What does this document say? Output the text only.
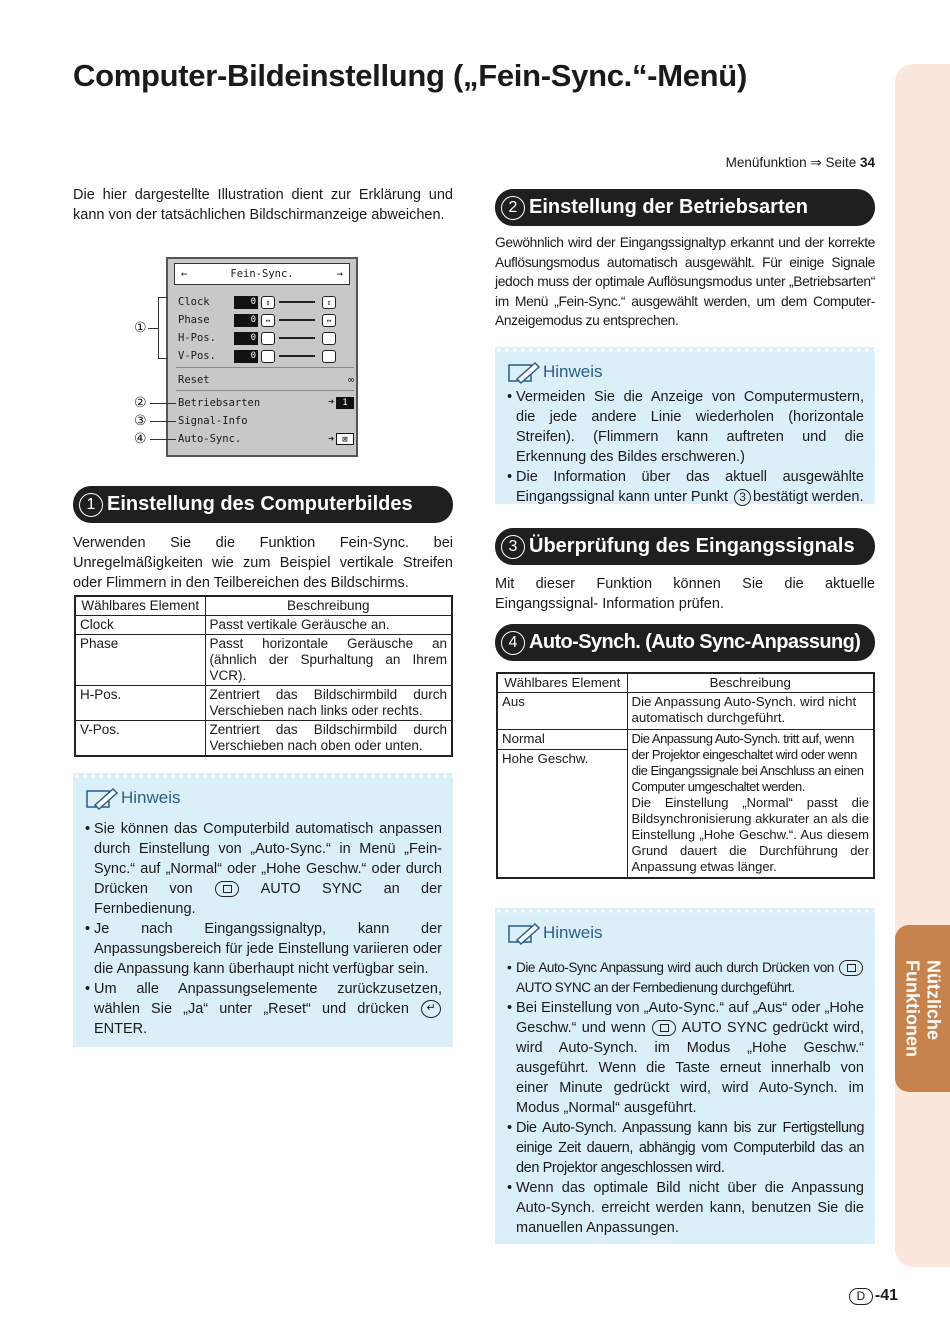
Nützliche
Funktionen
Computer-Bildeinstellung („Fein-Sync.“-Menü)
Menüfunktion ⇒ Seite 34

Die hier dargestellte Illustration dient zur Erklärung und kann von der tatsächlichen Bildschirmanzeige abweichen.

←	Fein-Sync.	→
Clock	0	↕	↕
Phase	0	↔	↔
H-Pos.	0
V-Pos.	0
Reset	∞
Betriebsarten	➜ 1
Signal-Info
Auto-Sync.	➜ ⊠
①
②
③
④
1 Einstellung des Computerbildes

Verwenden Sie die Funktion Fein-Sync. bei Unregelmäßigkeiten wie zum Beispiel vertikale Streifen oder Flimmern in den Teilbereichen des Bildschirms.

Wählbares Element	Beschreibung
Clock	Passt vertikale Geräusche an.
Phase	Passt horizontale Geräusche an (ähnlich der Spurhaltung an Ihrem VCR).
H-Pos.	Zentriert das Bildschirmbild durch Verschieben nach links oder rechts.
V-Pos.	Zentriert das Bildschirmbild durch Verschieben nach oben oder unten.
Hinweis
• Sie können das Computerbild automatisch anpassen durch Einstellung von „Auto-Sync.“ in Menü „Fein-Sync.“ auf „Normal“ oder „Hohe Geschw.“ oder durch Drücken von  AUTO SYNC an der Fernbedienung.
• Je nach Eingangssignaltyp, kann der Anpassungsbereich für jede Einstellung variieren oder die Anpassung kann überhaupt nicht verfügbar sein.
• Um alle Anpassungselemente zurückzusetzen, wählen Sie „Ja“ unter „Reset“ und drücken ↵ ENTER.
2 Einstellung der Betriebsarten

Gewöhnlich wird der Eingangssignaltyp erkannt und der korrekte Auflösungsmodus automatisch ausgewählt. Für einige Signale jedoch muss der optimale Auflösungsmodus unter „Betriebsarten“ im Menü „Fein-Sync.“ ausgewählt werden, um dem Computer-Anzeigemodus zu entsprechen.

Hinweis
• Vermeiden Sie die Anzeige von Computermustern, die jede andere Linie wiederholen (horizontale Streifen). (Flimmern kann auftreten und die Erkennung des Bildes erschweren.)
• Die Information über das aktuell ausgewählte Eingangssignal kann unter Punkt 3 bestätigt werden.
3 Überprüfung des Eingangssignals

Mit dieser Funktion können Sie die aktuelle Eingangssignal- Information prüfen.

4 Auto-Synch. (Auto Sync-Anpassung)
Wählbares Element	Beschreibung
Aus	Die Anpassung Auto-Synch. wird nicht automatisch durchgeführt.
Normal	Die Anpassung Auto-Synch. tritt auf, wenn der Projektor eingeschaltet wird oder wenn die Eingangssignale bei Anschluss an einen Computer umgeschaltet werden.
Die Einstellung „Normal“ passt die Bildsynchronisierung akkurater an als die Einstellung „Hohe Geschw.“. Aus diesem Grund dauert die Durchführung der Anpassung etwas länger.

Hohe Geschw.	
Hinweis
• Die Auto-Sync Anpassung wird auch durch Drücken von  AUTO SYNC an der Fernbedienung durchgeführt.
• Bei Einstellung von „Auto-Sync.“ auf „Aus“ oder „Hohe Geschw.“ und wenn  AUTO SYNC gedrückt wird, wird Auto-Synch. im Modus „Hohe Geschw.“ ausgeführt. Wenn die Taste erneut innerhalb von einer Minute gedrückt wird, wird Auto-Synch. im Modus „Normal“ ausgeführt.
• Die Auto-Synch. Anpassung kann bis zur Fertigstellung einige Zeit dauern, abhängig vom Computerbild das an den Projektor angeschlossen wird.
• Wenn das optimale Bild nicht über die Anpassung Auto-Synch. erreicht werden kann, benutzen Sie die manuellen Anpassungen.
D -41
